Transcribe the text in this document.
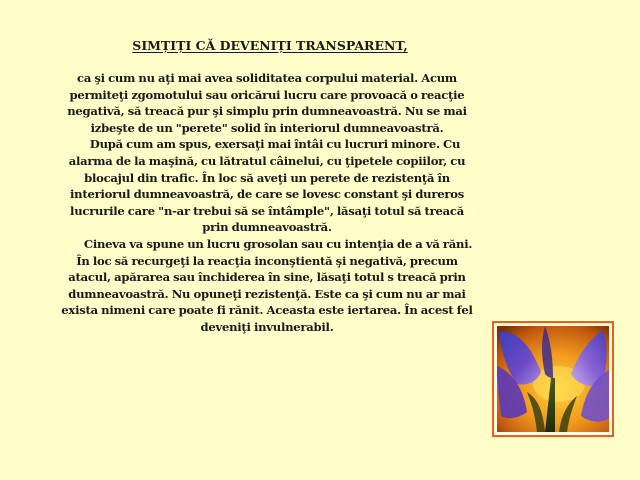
SIMȚIȚI CĂ DEVENIȚI TRANSPARENT,

ca şi cum nu aţi mai avea soliditatea corpului material. Acum permiteţi zgomotului sau oricărui lucru care provoacă o reacţie negativă, să treacă pur şi simplu prin dumneavoastră. Nu se mai izbeşte de un "perete" solid în interiorul dumneavoastră.

După cum am spus, exersaţi mai întâi cu lucruri minore. Cu alarma de la maşină, cu lătratul câinelui, cu ţipetele copiilor, cu blocajul din trafic. În loc să aveţi un perete de rezistenţă în interiorul dumneavoastră, de care se lovesc constant şi dureros lucrurile care "n-ar trebui să se întâmple", lăsaţi totul să treacă prin dumneavoastră.

Cineva va spune un lucru grosolan sau cu intenţia de a vă răni. În loc să recurgeţi la reacţia inconştientă şi negativă, precum atacul, apărarea sau închiderea în sine, lăsaţi totul s treacă prin dumneavoastră. Nu opuneţi rezistenţă. Este ca şi cum nu ar mai exista nimeni care poate fi rănit. Aceasta este iertarea. În acest fel deveniţi invulnerabil.
